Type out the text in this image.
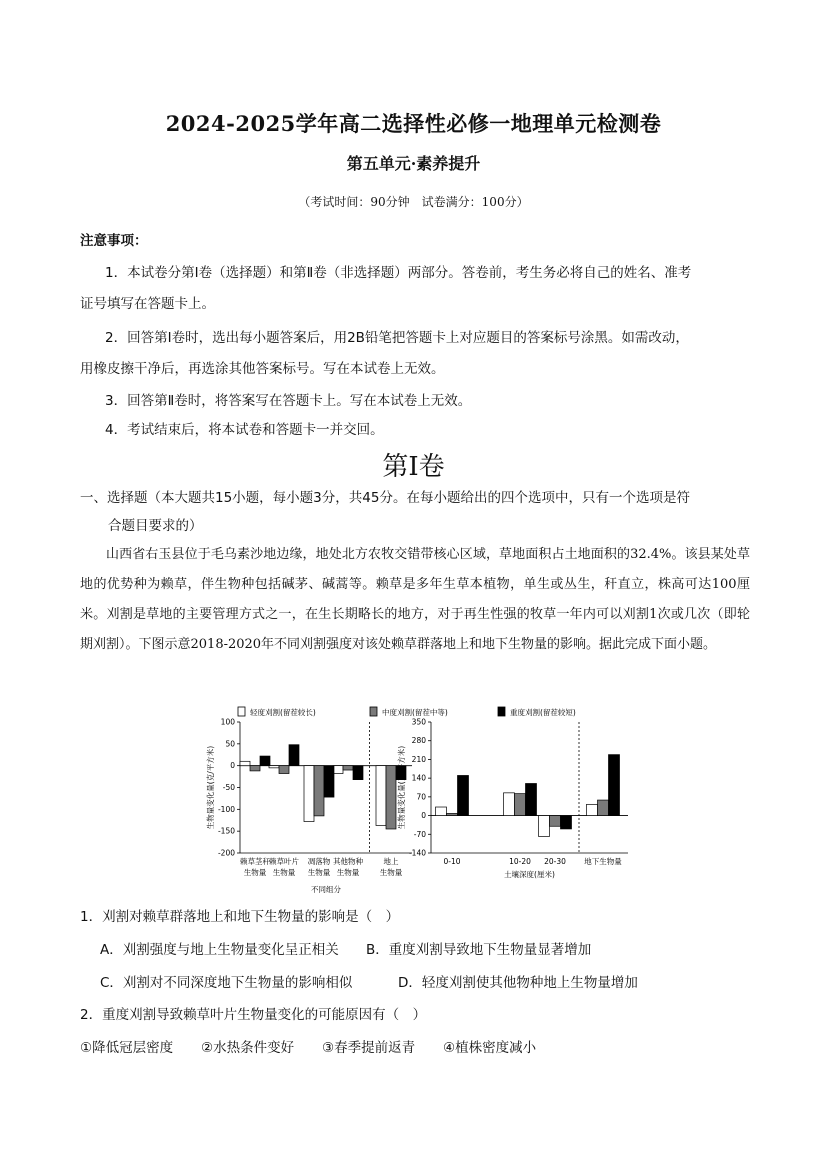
2024-2025学年高二选择性必修一地理单元检测卷
第五单元·素养提升
（考试时间：90分钟　试卷满分：100分）
注意事项：
1．本试卷分第Ⅰ卷（选择题）和第Ⅱ卷（非选择题）两部分。答卷前，考生务必将自己的姓名、准考
证号填写在答题卡上。
2．回答第Ⅰ卷时，选出每小题答案后，用2B铅笔把答题卡上对应题目的答案标号涂黑。如需改动，
用橡皮擦干净后，再选涂其他答案标号。写在本试卷上无效。
3．回答第Ⅱ卷时，将答案写在答题卡上。写在本试卷上无效。
4．考试结束后，将本试卷和答题卡一并交回。
第Ⅰ卷
一、选择题（本大题共15小题，每小题3分，共45分。在每小题给出的四个选项中，只有一个选项是符
合题目要求的）
山西省右玉县位于毛乌素沙地边缘，地处北方农牧交错带核心区域，草地面积占土地面积的32.4%。该县某处草地的优势种为赖草，伴生物种包括碱茅、碱蒿等。赖草是多年生草本植物，单生或丛生，秆直立，株高可达100厘米。刈割是草地的主要管理方式之一，在生长期略长的地方，对于再生性强的牧草一年内可以刈割1次或几次（即轮期刈割）。下图示意2018-2020年不同刈割强度对该处赖草群落地上和地下生物量的影响。据此完成下面小题。
轻度刈割(留茬较长)	中度刈割(留茬中等)	重度刈割(留茬较短)
100
50
0
-50
-100
-150
-200
生物量变化量(克/平方米)
赖草茎秆
生物量
赖草叶片
生物量
凋落物
生物量
其他物种
生物量
地上
生物量
不同组分
350
280
210
140
70
0
-70
-140
生物量变化量(克/平方米)
0-10	10-20 20-30 地下生物量
土壤深度(厘米)
1．刈割对赖草群落地上和地下生物量的影响是（　）
A．刈割强度与地上生物量变化呈正相关 B．重度刈割导致地下生物量显著增加
C．刈割对不同深度地下生物量的影响相似	D．轻度刈割使其他物种地上生物量增加
2．重度刈割导致赖草叶片生物量变化的可能原因有（　）
①降低冠层密度 ②水热条件变好 ③春季提前返青 ④植株密度减小
